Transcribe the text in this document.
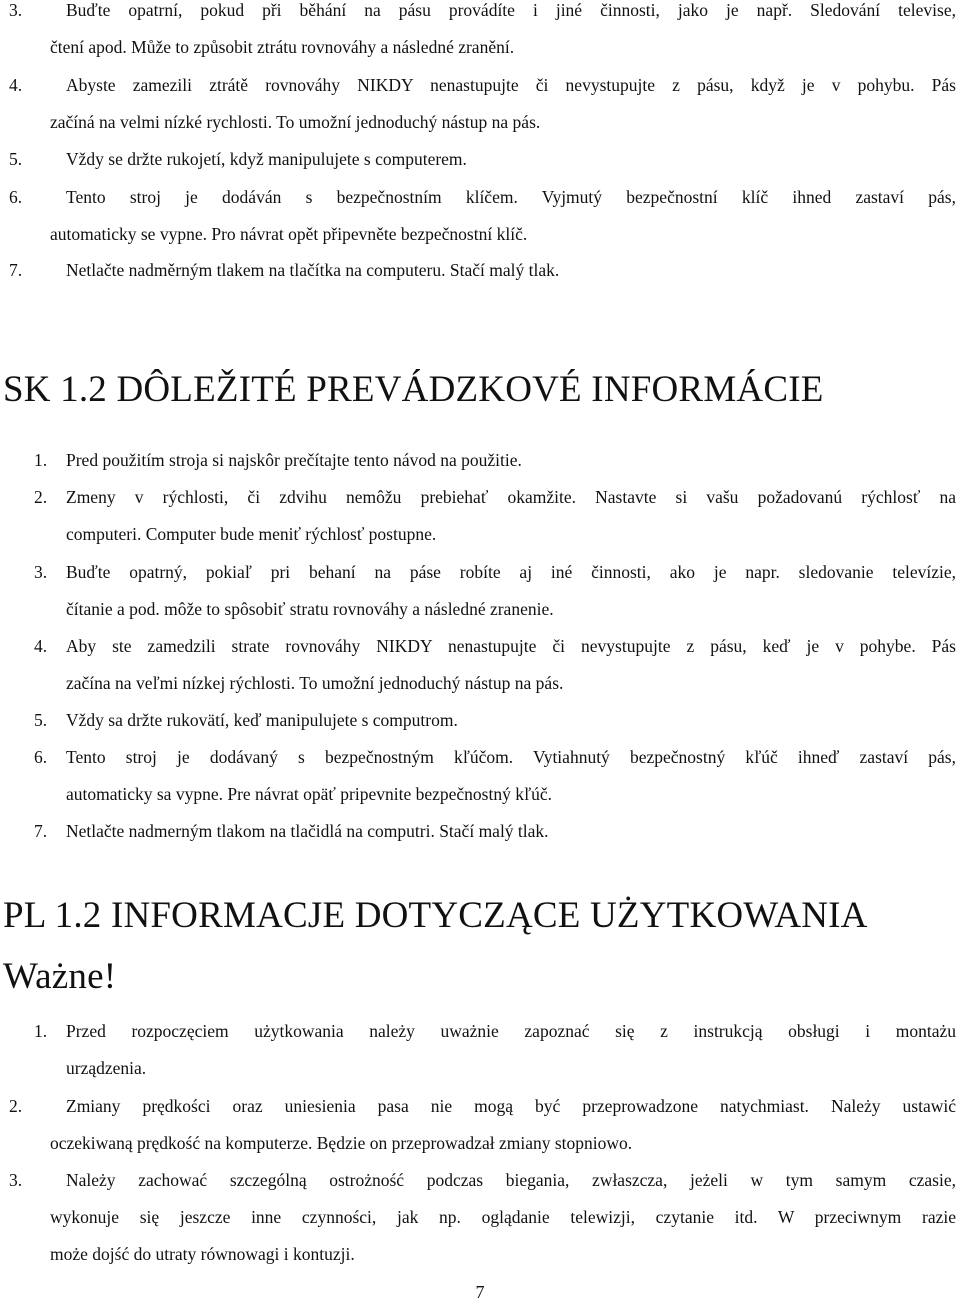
3.	Buďte opatrní, pokud při běhání na pásu provádíte i jiné činnosti, jako je např. Sledování televise,
čtení apod. Může to způsobit ztrátu rovnováhy a následné zranění.
4.	Abyste zamezili ztrátě rovnováhy NIKDY nenastupujte či nevystupujte z pásu, když je v pohybu. Pás
začíná na velmi nízké rychlosti. To umožní jednoduchý nástup na pás.
5.	Vždy se držte rukojetí, když manipulujete s computerem.
6.	Tento stroj je dodáván s bezpečnostním klíčem. Vyjmutý bezpečnostní klíč ihned zastaví pás,
automaticky se vypne. Pro návrat opět připevněte bezpečnostní klíč.
7.	Netlačte nadměrným tlakem na tlačítka na computeru. Stačí malý tlak.
SK 1.2 DÔLEŽITÉ PREVÁDZKOVÉ INFORMÁCIE
1. Pred použitím stroja si najskôr prečítajte tento návod na použitie.
2. Zmeny v rýchlosti, či zdvihu nemôžu prebiehať okamžite. Nastavte si vašu požadovanú rýchlosť na
computeri. Computer bude meniť rýchlosť postupne.
3. Buďte opatrný, pokiaľ pri behaní na páse robíte aj iné činnosti, ako je napr. sledovanie televízie,
čítanie a pod. môže to spôsobiť stratu rovnováhy a následné zranenie.
4. Aby ste zamedzili strate rovnováhy NIKDY nenastupujte či nevystupujte z pásu, keď je v pohybe. Pás
začína na veľmi nízkej rýchlosti. To umožní jednoduchý nástup na pás.
5. Vždy sa držte rukovätí, keď manipulujete s computrom.
6. Tento stroj je dodávaný s bezpečnostným kľúčom. Vytiahnutý bezpečnostný kľúč ihneď zastaví pás,
automaticky sa vypne. Pre návrat opäť pripevnite bezpečnostný kľúč.
7. Netlačte nadmerným tlakom na tlačidlá na computri. Stačí malý tlak.
PL 1.2 INFORMACJE DOTYCZĄCE UŻYTKOWANIA
Ważne!
1. Przed rozpoczęciem użytkowania należy uważnie zapoznać się z instrukcją obsługi i montażu
urządzenia.
2.	Zmiany prędkości oraz uniesienia pasa nie mogą być przeprowadzone natychmiast. Należy ustawić
oczekiwaną prędkość na komputerze. Będzie on przeprowadzał zmiany stopniowo.
3.	Należy zachować szczególną ostrożność podczas biegania, zwłaszcza, jeżeli w tym samym czasie,
wykonuje się jeszcze inne czynności, jak np. oglądanie telewizji, czytanie itd. W przeciwnym razie
może dojść do utraty równowagi i kontuzji.
7
